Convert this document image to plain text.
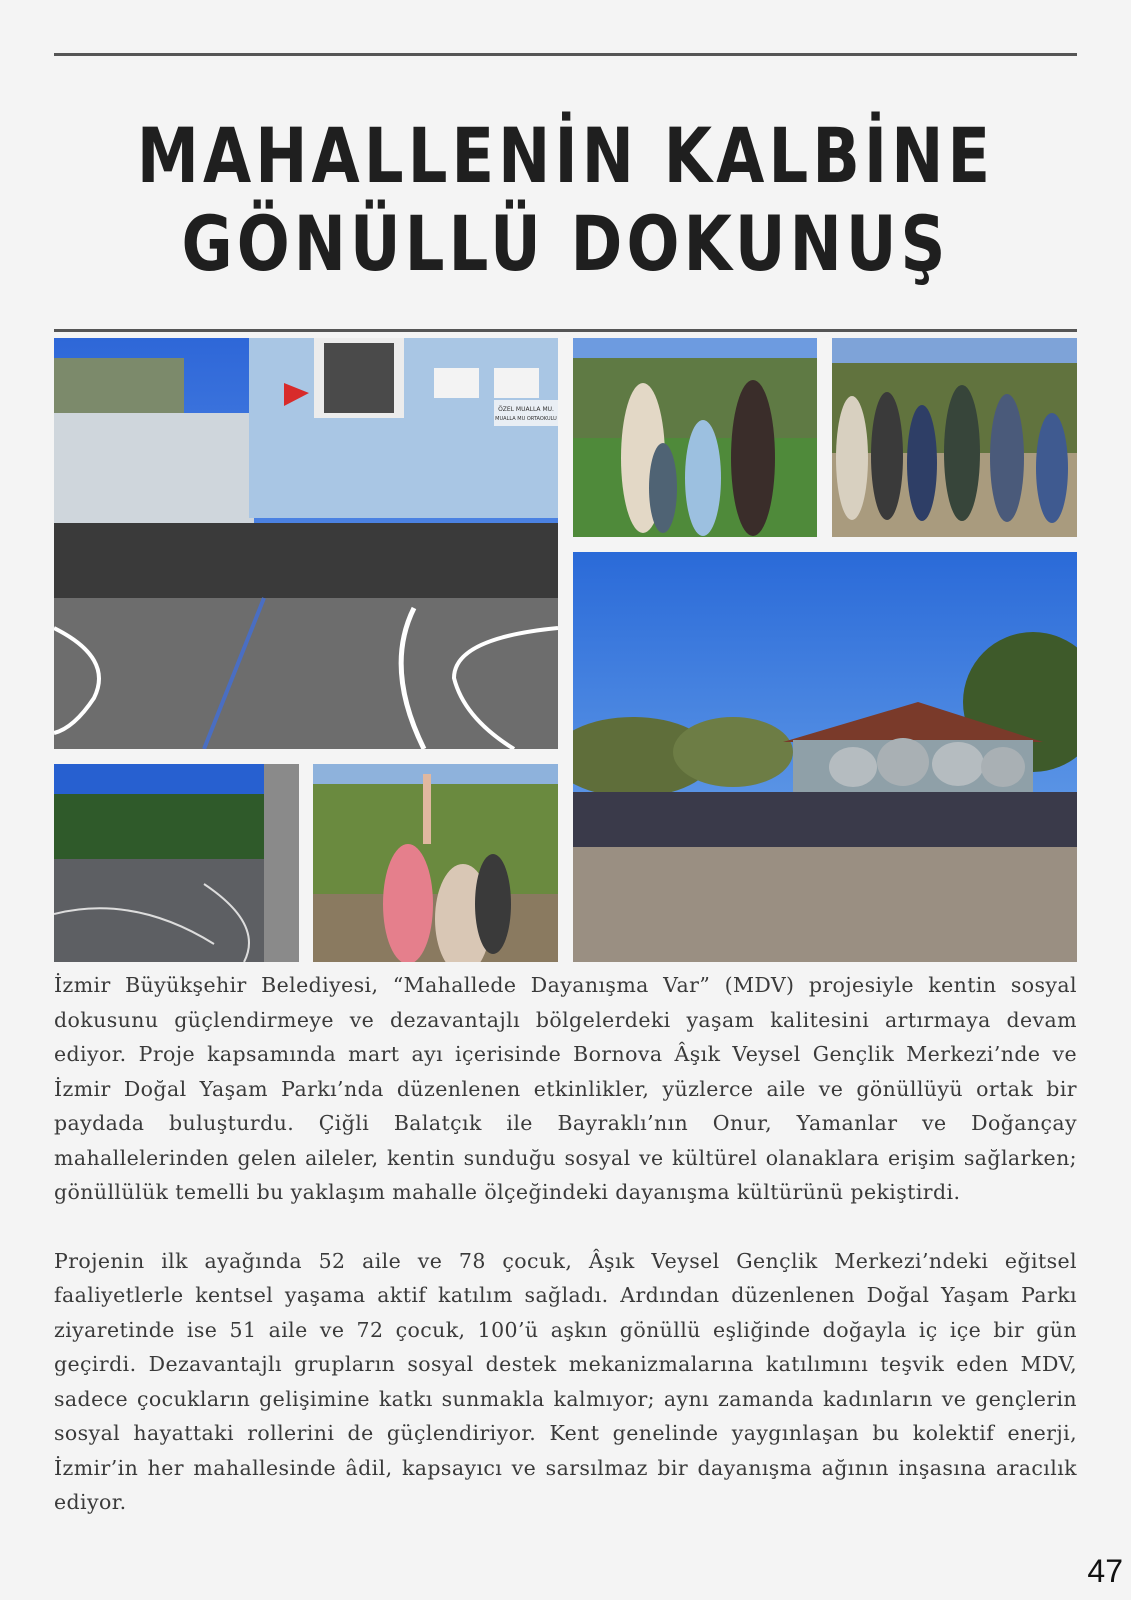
MAHALLENİN KALBİNE
GÖNÜLLÜ DOKUNUŞ
ÖZEL MUALLA MU.
MUALLA MU ORTAOKULU

İzmir Büyükşehir Belediyesi, “Mahallede Dayanışma Var” (MDV) projesiyle kentin sosyal dokusunu güçlendirmeye ve dezavantajlı bölgelerdeki yaşam kalitesini artırmaya devam ediyor. Proje kapsamında mart ayı içerisinde Bornova Âşık Veysel Gençlik Merkezi’nde ve İzmir Doğal Yaşam Parkı’nda düzenlenen etkinlikler, yüzlerce aile ve gönüllüyü ortak bir paydada buluşturdu. Çiğli Balatçık ile Bayraklı’nın Onur, Yamanlar ve Doğançay mahallelerinden gelen aileler, kentin sunduğu sosyal ve kültürel olanaklara erişim sağlarken; gönüllülük temelli bu yaklaşım mahalle ölçeğindeki dayanışma kültürünü pekiştirdi.

Projenin ilk ayağında 52 aile ve 78 çocuk, Âşık Veysel Gençlik Merkezi’ndeki eğitsel faaliyetlerle kentsel yaşama aktif katılım sağladı. Ardından düzenlenen Doğal Yaşam Parkı ziyaretinde ise 51 aile ve 72 çocuk, 100’ü aşkın gönüllü eşliğinde doğayla iç içe bir gün geçirdi. Dezavantajlı grupların sosyal destek mekanizmalarına katılımını teşvik eden MDV, sadece çocukların gelişimine katkı sunmakla kalmıyor; aynı zamanda kadınların ve gençlerin sosyal hayattaki rollerini de güçlendiriyor. Kent genelinde yaygınlaşan bu kolektif enerji, İzmir’in her mahallesinde âdil, kapsayıcı ve sarsılmaz bir dayanışma ağının inşasına aracılık ediyor.

47
